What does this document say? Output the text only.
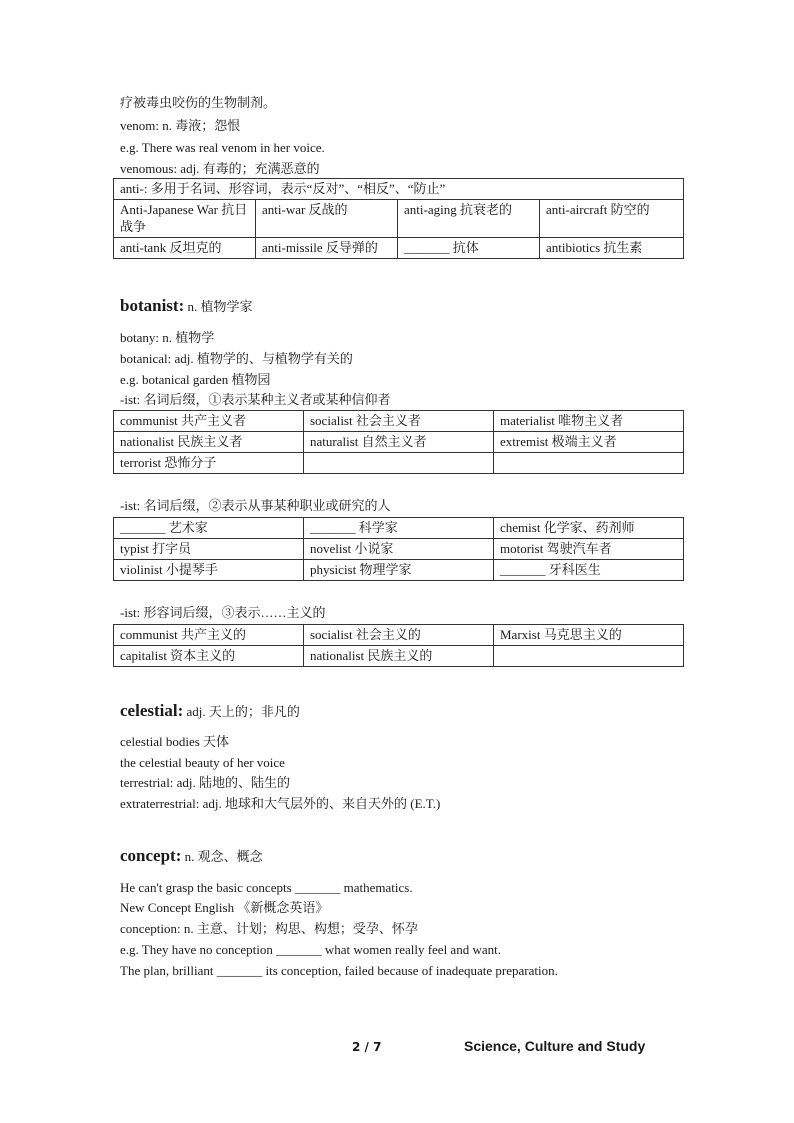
疗被毒虫咬伤的生物制剂。
venom: n. 毒液；怨恨
e.g. There was real venom in her voice.
venomous: adj. 有毒的；充满恶意的
anti-: 多用于名词、形容词，表示“反对”、“相反”、“防止”			
Anti-Japanese War 抗日战争	anti-war 反战的	anti-aging 抗衰老的	anti-aircraft 防空的
anti-tank 反坦克的	anti-missile 反导弹的	_______ 抗体	antibiotics 抗生素
botanist: n. 植物学家
botany: n. 植物学
botanical: adj. 植物学的、与植物学有关的
e.g. botanical garden 植物园
-ist: 名词后缀，①表示某种主义者或某种信仰者
communist 共产主义者	socialist 社会主义者	materialist 唯物主义者
nationalist 民族主义者	naturalist 自然主义者	extremist 极端主义者
terrorist 恐怖分子		
-ist: 名词后缀，②表示从事某种职业或研究的人
_______ 艺术家	_______ 科学家	chemist 化学家、药剂师
typist 打字员	novelist 小说家	motorist 驾驶汽车者
violinist 小提琴手	physicist 物理学家	_______ 牙科医生
-ist: 形容词后缀，③表示……主义的
communist 共产主义的	socialist 社会主义的	Marxist 马克思主义的
capitalist 资本主义的	nationalist 民族主义的	
celestial: adj. 天上的；非凡的
celestial bodies 天体
the celestial beauty of her voice
terrestrial: adj. 陆地的、陆生的
extraterrestrial: adj. 地球和大气层外的、来自天外的 (E.T.)
concept: n. 观念、概念
He can't grasp the basic concepts _______ mathematics.
New Concept English 《新概念英语》
conception: n. 主意、计划；构思、构想；受孕、怀孕
e.g. They have no conception _______ what women really feel and want.
The plan, brilliant _______ its conception, failed because of inadequate preparation.
2 / 7	Science, Culture and Study
